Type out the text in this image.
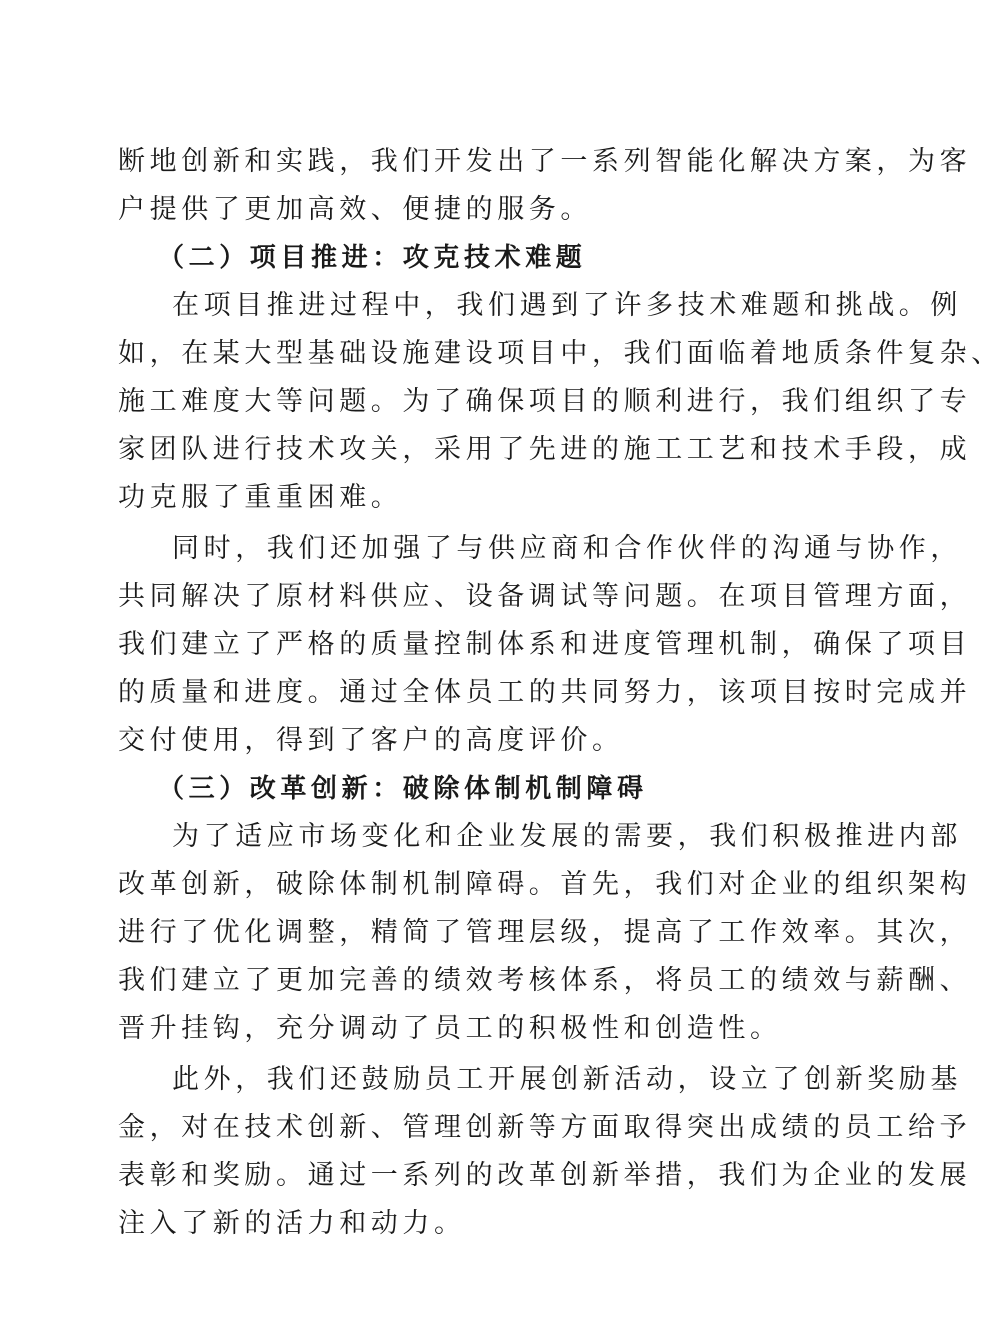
断地创新和实践，我们开发出了一系列智能化解决方案，为客
户提供了更加高效、便捷的服务。
（二）项目推进：攻克技术难题
在项目推进过程中，我们遇到了许多技术难题和挑战。例
如，在某大型基础设施建设项目中，我们面临着地质条件复杂、
施工难度大等问题。为了确保项目的顺利进行，我们组织了专
家团队进行技术攻关，采用了先进的施工工艺和技术手段，成
功克服了重重困难。
同时，我们还加强了与供应商和合作伙伴的沟通与协作，
共同解决了原材料供应、设备调试等问题。在项目管理方面，
我们建立了严格的质量控制体系和进度管理机制，确保了项目
的质量和进度。通过全体员工的共同努力，该项目按时完成并
交付使用，得到了客户的高度评价。
（三）改革创新：破除体制机制障碍
为了适应市场变化和企业发展的需要，我们积极推进内部
改革创新，破除体制机制障碍。首先，我们对企业的组织架构
进行了优化调整，精简了管理层级，提高了工作效率。其次，
我们建立了更加完善的绩效考核体系，将员工的绩效与薪酬、
晋升挂钩，充分调动了员工的积极性和创造性。
此外，我们还鼓励员工开展创新活动，设立了创新奖励基
金，对在技术创新、管理创新等方面取得突出成绩的员工给予
表彰和奖励。通过一系列的改革创新举措，我们为企业的发展
注入了新的活力和动力。
